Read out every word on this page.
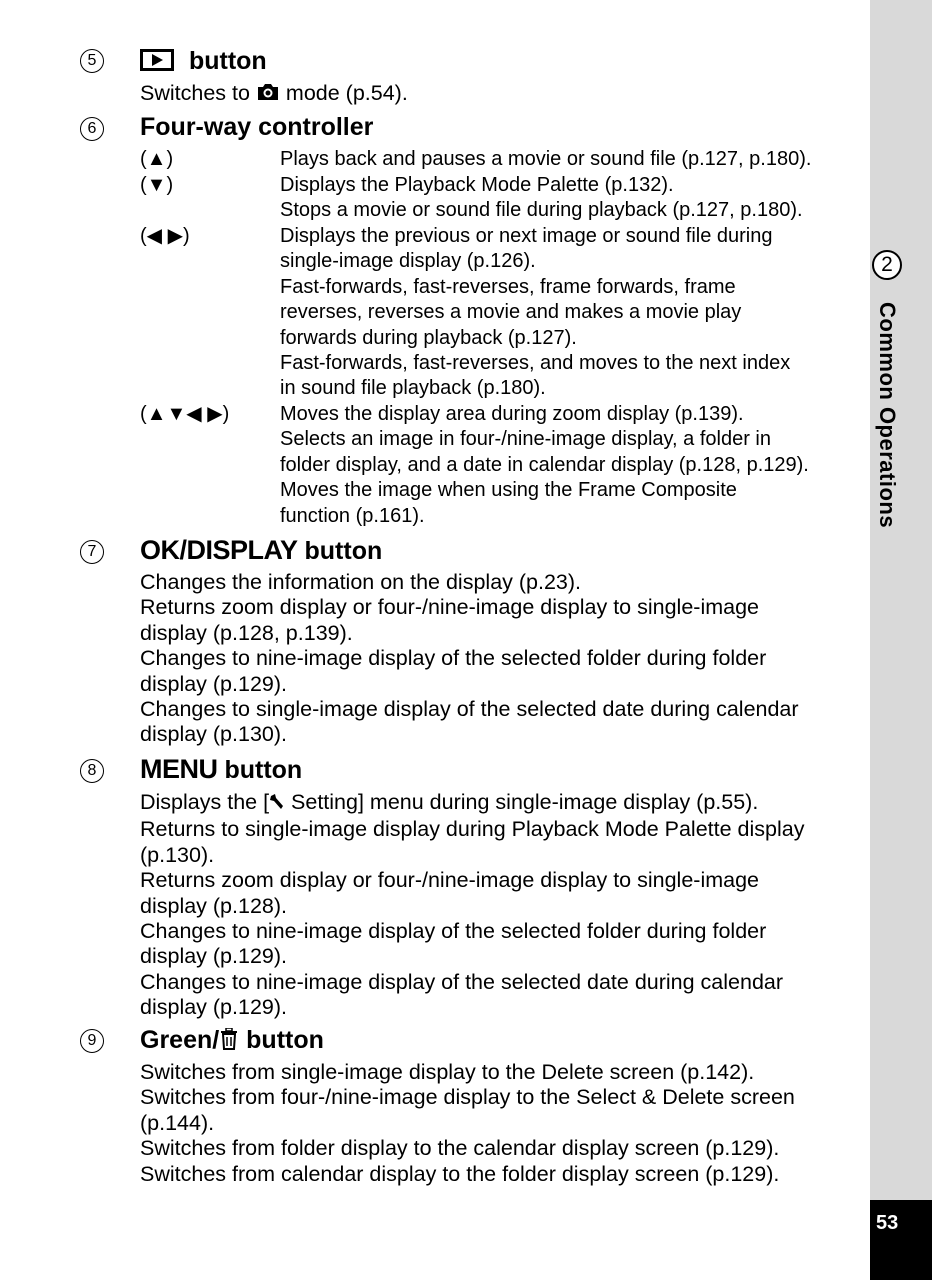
5	button
Switches to mode (p.54).
6	Four-way controller
(▲)	Plays back and pauses a movie or sound file (p.127, p.180).
(▼)	Displays the Playback Mode Palette (p.132).
Stops a movie or sound file during playback (p.127, p.180).
(◀ ▶)	Displays the previous or next image or sound file during
single-image display (p.126).
Fast-forwards, fast-reverses, frame forwards, frame
reverses, reverses a movie and makes a movie play
forwards during playback (p.127).
Fast-forwards, fast-reverses, and moves to the next index
in sound file playback (p.180).
(▲▼◀ ▶)	Moves the display area during zoom display (p.139).
Selects an image in four-/nine-image display, a folder in
folder display, and a date in calendar display (p.128, p.129).
Moves the image when using the Frame Composite
function (p.161).
7 OK/DISPLAY button
Changes the information on the display (p.23).
Returns zoom display or four-/nine-image display to single-image
display (p.128, p.139).
Changes to nine-image display of the selected folder during folder
display (p.129).
Changes to single-image display of the selected date during calendar
display (p.130).
8 MENU button
Displays the [ Setting] menu during single-image display (p.55).
Returns to single-image display during Playback Mode Palette display
(p.130).
Returns zoom display or four-/nine-image display to single-image
display (p.128).
Changes to nine-image display of the selected folder during folder
display (p.129).
Changes to nine-image display of the selected date during calendar
display (p.129).
9	Green/ button
Switches from single-image display to the Delete screen (p.142).
Switches from four-/nine-image display to the Select & Delete screen
(p.144).
Switches from folder display to the calendar display screen (p.129).
Switches from calendar display to the folder display screen (p.129).
2
Common Operations
53
